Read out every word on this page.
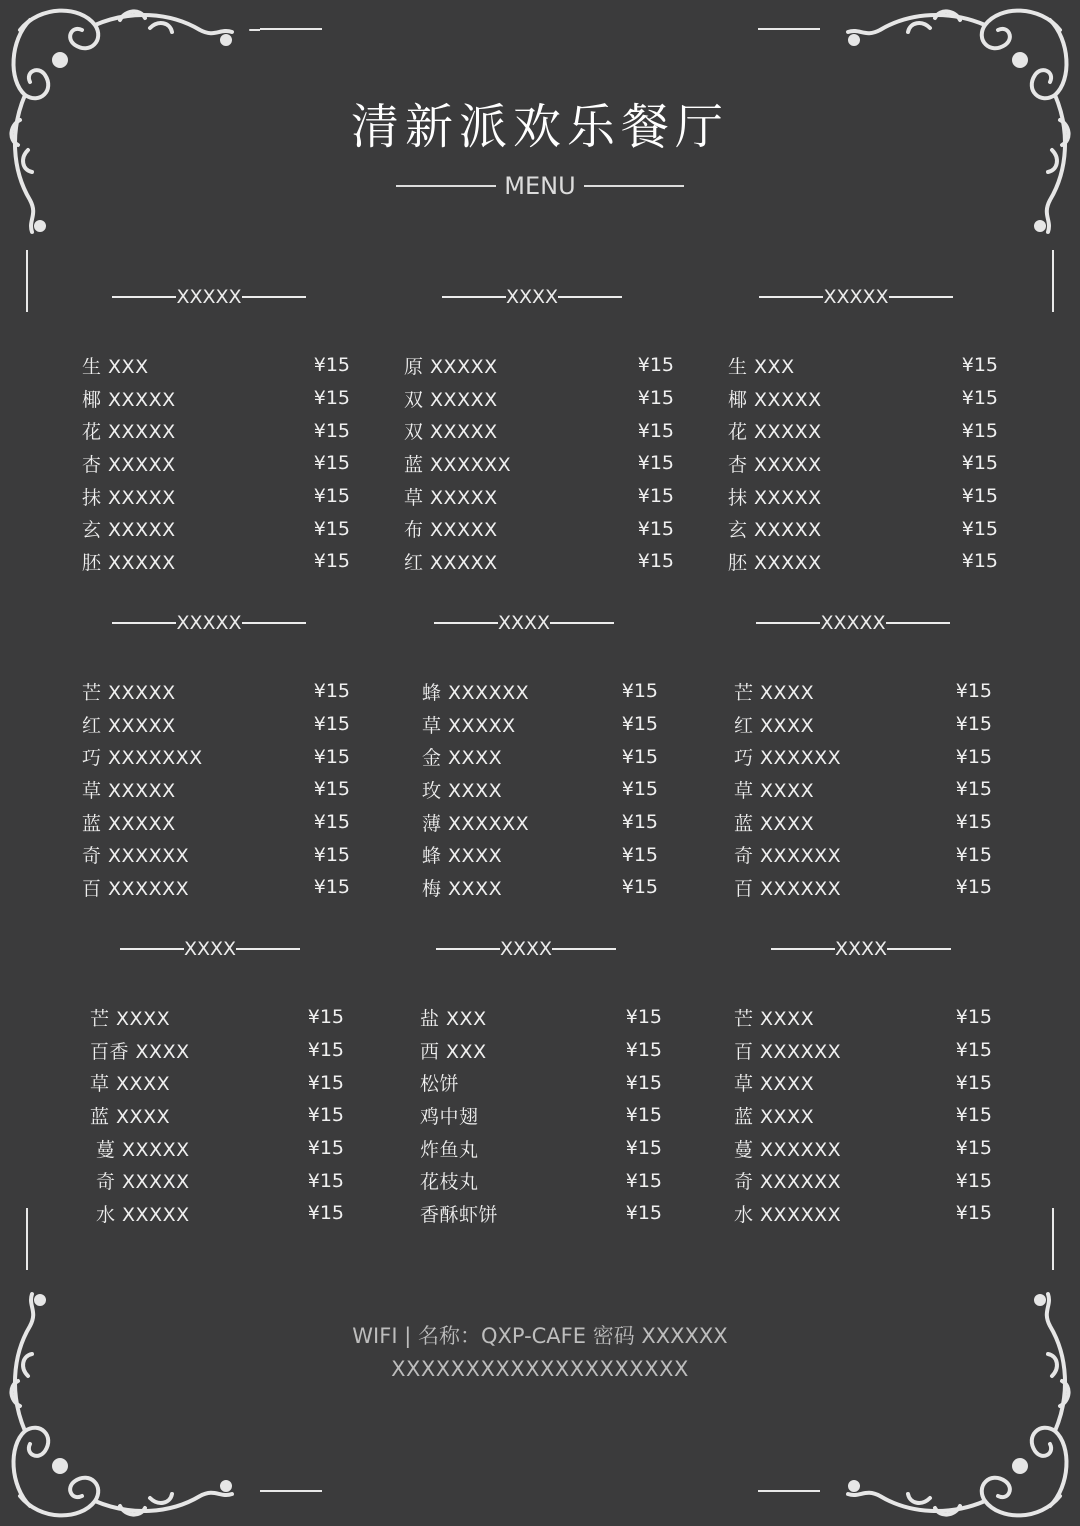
清新派欢乐餐厅
MENU
XXXXX
生 XXX	¥15
椰 XXXXX	¥15
花 XXXXX	¥15
杏 XXXXX	¥15
抹 XXXXX	¥15
玄 XXXXX	¥15
胚 XXXXX	¥15
XXXX
原 XXXXX	¥15
双 XXXXX	¥15
双 XXXXX	¥15
蓝 XXXXXX	¥15
草 XXXXX	¥15
布 XXXXX	¥15
红 XXXXX	¥15
XXXXX
生 XXX	¥15
椰 XXXXX	¥15
花 XXXXX	¥15
杏 XXXXX	¥15
抹 XXXXX	¥15
玄 XXXXX	¥15
胚 XXXXX	¥15
XXXXX
芒 XXXXX	¥15
红 XXXXX	¥15
巧 XXXXXXX	¥15
草 XXXXX	¥15
蓝 XXXXX	¥15
奇 XXXXXX	¥15
百 XXXXXX	¥15
XXXX
蜂 XXXXXX	¥15
草 XXXXX	¥15
金 XXXX	¥15
玫 XXXX	¥15
薄 XXXXXX	¥15
蜂 XXXX	¥15
梅 XXXX	¥15
XXXXX
芒 XXXX	¥15
红 XXXX	¥15
巧 XXXXXX	¥15
草 XXXX	¥15
蓝 XXXX	¥15
奇 XXXXXX	¥15
百 XXXXXX	¥15
XXXX
芒 XXXX	¥15
百香 XXXX	¥15
草 XXXX	¥15
蓝 XXXX	¥15
蔓 XXXXX	¥15
奇 XXXXX	¥15
水 XXXXX	¥15
XXXX
盐 XXX	¥15
西 XXX	¥15
松饼	¥15
鸡中翅	¥15
炸鱼丸	¥15
花枝丸	¥15
香酥虾饼	¥15
XXXX
芒 XXXX	¥15
百 XXXXXX	¥15
草 XXXX	¥15
蓝 XXXX	¥15
蔓 XXXXXX	¥15
奇 XXXXXX	¥15
水 XXXXXX	¥15
WIFI | 名称：QXP-CAFE 密码 XXXXXX
XXXXXXXXXXXXXXXXXXXX
